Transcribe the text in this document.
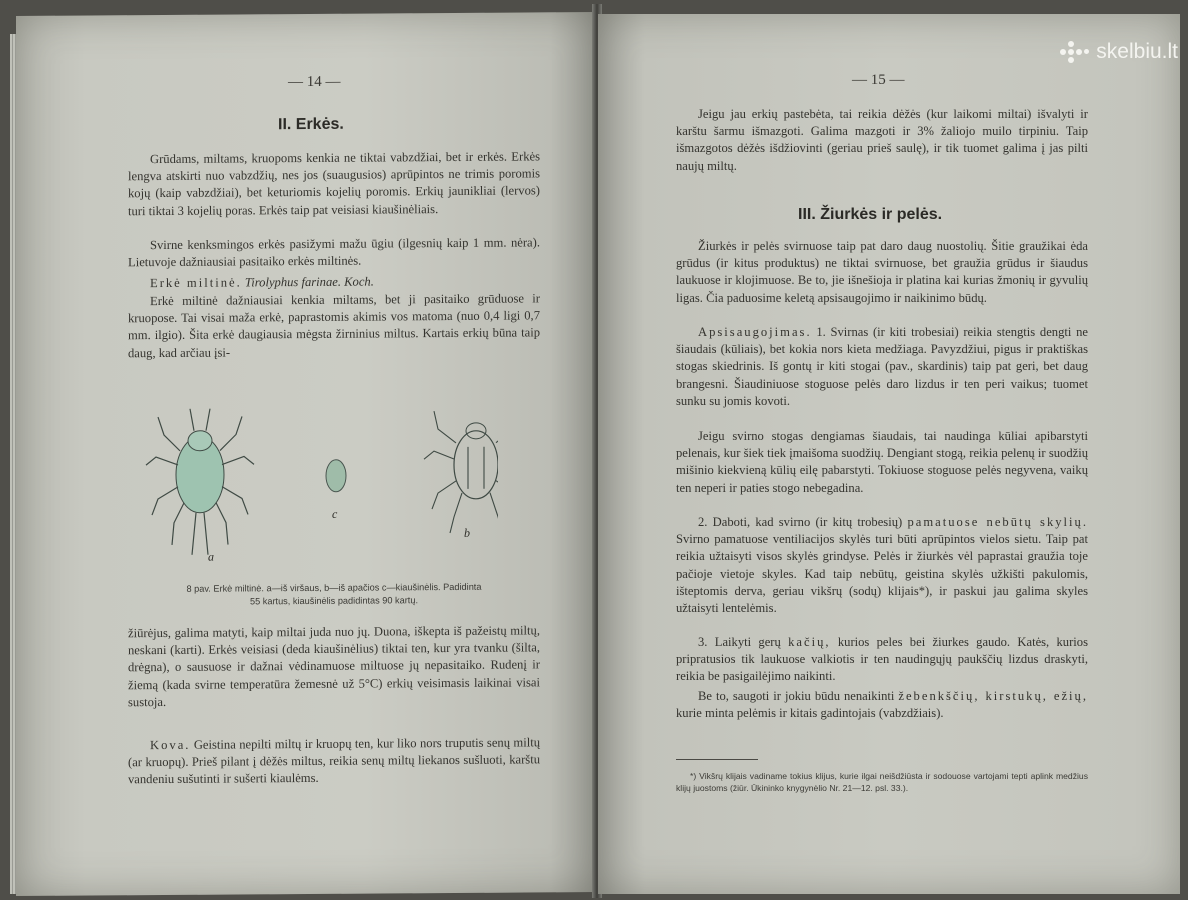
— 14 —
II. Erkės.
Grūdams, miltams, kruopoms kenkia ne tiktai vabzdžiai, bet ir erkės. Erkės lengva atskirti nuo vabzdžių, nes jos (suaugusios) aprūpintos ne trimis poromis kojų (kaip vabzdžiai), bet keturiomis kojelių poromis. Erkių jaunikliai (lervos) turi tiktai 3 kojelių poras. Erkės taip pat veisiasi kiaušinėliais.
Svirne kenksmingos erkės pasižymi mažu ūgiu (ilgesnių kaip 1 mm. nėra). Lietuvoje dažniausiai pasitaiko erkės miltinės.
Erkė miltinė. Tirolyphus farinae. Koch.
Erkė miltinė dažniausiai kenkia miltams, bet ji pasitaiko grūduose ir kruopose. Tai visai maža erkė, paprastomis akimis vos matoma (nuo 0,4 ligi 0,7 mm. ilgio). Šita erkė daugiausia mėgsta žirninius miltus. Kartais erkių būna taip daug, kad arčiau įsi-
a
c
b
8 pav. Erkė miltinė. a—iš viršaus, b—iš apačios c—kiaušinėlis. Padidinta
55 kartus, kiaušinėlis padidintas 90 kartų.
žiūrėjus, galima matyti, kaip miltai juda nuo jų. Duona, iškepta iš pažeistų miltų, neskani (karti). Erkės veisiasi (deda kiaušinėlius) tiktai ten, kur yra tvanku (šilta, drėgna), o sausuose ir dažnai vėdinamuose miltuose jų nepasitaiko. Rudenį ir žiemą (kada svirne temperatūra žemesnė už 5°C) erkių veisimasis laikinai visai sustoja.
Kova. Geistina nepilti miltų ir kruopų ten, kur liko nors truputis senų miltų (ar kruopų). Prieš pilant į dėžės miltus, reikia senų miltų liekanos sušluoti, karštu vandeniu sušutinti ir sušerti kiaulėms.
— 15 —
Jeigu jau erkių pastebėta, tai reikia dėžės (kur laikomi miltai) išvalyti ir karštu šarmu išmazgoti. Galima mazgoti ir 3% žaliojo muilo tirpiniu. Taip išmazgotos dėžės išdžiovinti (geriau prieš saulę), ir tik tuomet galima į jas pilti naujų miltų.
III. Žiurkės ir pelės.
Žiurkės ir pelės svirnuose taip pat daro daug nuostolių. Šitie graužikai ėda grūdus (ir kitus produktus) ne tiktai svirnuose, bet graužia grūdus ir šiaudus laukuose ir klojimuose. Be to, jie išnešioja ir platina kai kurias žmonių ir gyvulių ligas. Čia paduosime keletą apsisaugojimo ir naikinimo būdų.
Apsisaugojimas. 1. Svirnas (ir kiti trobesiai) reikia stengtis dengti ne šiaudais (kūliais), bet kokia nors kieta medžiaga. Pavyzdžiui, pigus ir praktiškas stogas skiedrinis. Iš gontų ir kiti stogai (pav., skardinis) taip pat geri, bet daug brangesni. Šiaudiniuose stoguose pelės daro lizdus ir ten peri vaikus; tuomet sunku su jomis kovoti.
Jeigu svirno stogas dengiamas šiaudais, tai naudinga kūliai apibarstyti pelenais, kur šiek tiek įmaišoma suodžių. Dengiant stogą, reikia pelenų ir suodžių mišinio kiekvieną kūlių eilę pabarstyti. Tokiuose stoguose pelės negyvena, vaikų ten neperi ir paties stogo nebegadina.
2. Daboti, kad svirno (ir kitų trobesių) pamatuose nebūtų skylių. Svirno pamatuose ventiliacijos skylės turi būti aprūpintos vielos sietu. Taip pat reikia užtaisyti visos skylės grindyse. Pelės ir žiurkės vėl paprastai graužia toje pačioje vietoje skyles. Kad taip nebūtų, geistina skylės užkišti pakulomis, išteptomis derva, geriau vikšrų (sodų) klijais*), ir paskui jau galima skyles užtaisyti lentelėmis.
3. Laikyti gerų kačių, kurios peles bei žiurkes gaudo. Katės, kurios pripratusios tik laukuose valkiotis ir ten naudingųjų paukščių lizdus draskyti, reikia be pasigailėjimo naikinti.
Be to, saugoti ir jokiu būdu nenaikinti žebenkščių, kirstukų, ežių, kurie minta pelėmis ir kitais gadintojais (vabzdžiais).
*) Vikšrų klijais vadiname tokius klijus, kurie ilgai neišdžiūsta ir sodouose vartojami tepti aplink medžius klijų juostoms (žiūr. Ūkininko knygynėlio Nr. 21—12. psl. 33.).
skelbiu.lt
